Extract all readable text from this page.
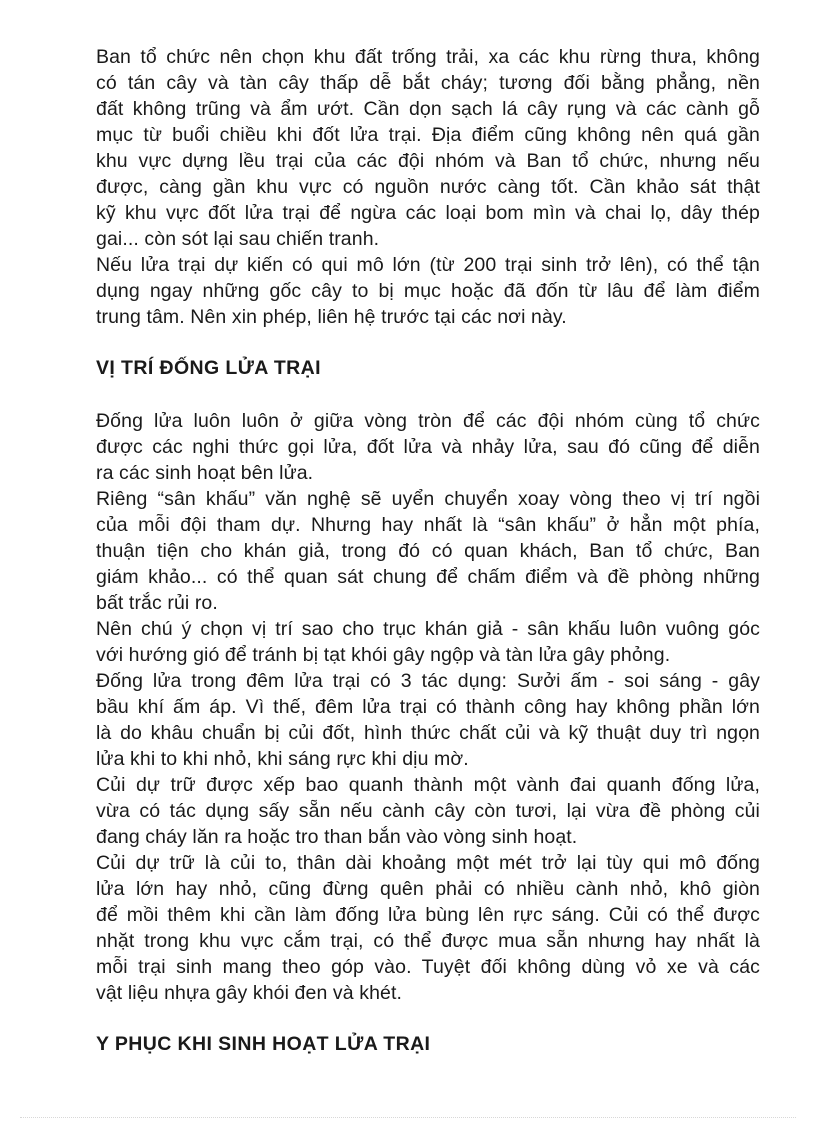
Ban tổ chức nên chọn khu đất trống trải, xa các khu rừng thưa, không
có tán cây và tàn cây thấp dễ bắt cháy; tương đối bằng phẳng, nền
đất không trũng và ẩm ướt. Cần dọn sạch lá cây rụng và các cành gỗ
mục từ buổi chiều khi đốt lửa trại. Địa điểm cũng không nên quá gần
khu vực dựng lều trại của các đội nhóm và Ban tổ chức, nhưng nếu
được, càng gần khu vực có nguồn nước càng tốt. Cần khảo sát thật
kỹ khu vực đốt lửa trại để ngừa các loại bom mìn và chai lọ, dây thép
gai... còn sót lại sau chiến tranh.
Nếu lửa trại dự kiến có qui mô lớn (từ 200 trại sinh trở lên), có thể tận
dụng ngay những gốc cây to bị mục hoặc đã đốn từ lâu để làm điểm
trung tâm. Nên xin phép, liên hệ trước tại các nơi này.
VỊ TRÍ ĐỐNG LỬA TRẠI
Đống lửa luôn luôn ở giữa vòng tròn để các đội nhóm cùng tổ chức
được các nghi thức gọi lửa, đốt lửa và nhảy lửa, sau đó cũng để diễn
ra các sinh hoạt bên lửa.
Riêng “sân khấu” văn nghệ sẽ uyển chuyển xoay vòng theo vị trí ngồi
của mỗi đội tham dự. Nhưng hay nhất là “sân khấu” ở hẳn một phía,
thuận tiện cho khán giả, trong đó có quan khách, Ban tổ chức, Ban
giám khảo... có thể quan sát chung để chấm điểm và đề phòng những
bất trắc rủi ro.
Nên chú ý chọn vị trí sao cho trục khán giả - sân khấu luôn vuông góc
với hướng gió để tránh bị tạt khói gây ngộp và tàn lửa gây phỏng.
Đống lửa trong đêm lửa trại có 3 tác dụng: Sưởi ấm - soi sáng - gây
bầu khí ấm áp. Vì thế, đêm lửa trại có thành công hay không phần lớn
là do khâu chuẩn bị củi đốt, hình thức chất củi và kỹ thuật duy trì ngọn
lửa khi to khi nhỏ, khi sáng rực khi dịu mờ.
Củi dự trữ được xếp bao quanh thành một vành đai quanh đống lửa,
vừa có tác dụng sấy sẵn nếu cành cây còn tươi, lại vừa đề phòng củi
đang cháy lăn ra hoặc tro than bắn vào vòng sinh hoạt.
Củi dự trữ là củi to, thân dài khoảng một mét trở lại tùy qui mô đống
lửa lớn hay nhỏ, cũng đừng quên phải có nhiều cành nhỏ, khô giòn
để mồi thêm khi cần làm đống lửa bùng lên rực sáng. Củi có thể được
nhặt trong khu vực cắm trại, có thể được mua sẵn nhưng hay nhất là
mỗi trại sinh mang theo góp vào. Tuyệt đối không dùng vỏ xe và các
vật liệu nhựa gây khói đen và khét.
Y PHỤC KHI SINH HOẠT LỬA TRẠI
